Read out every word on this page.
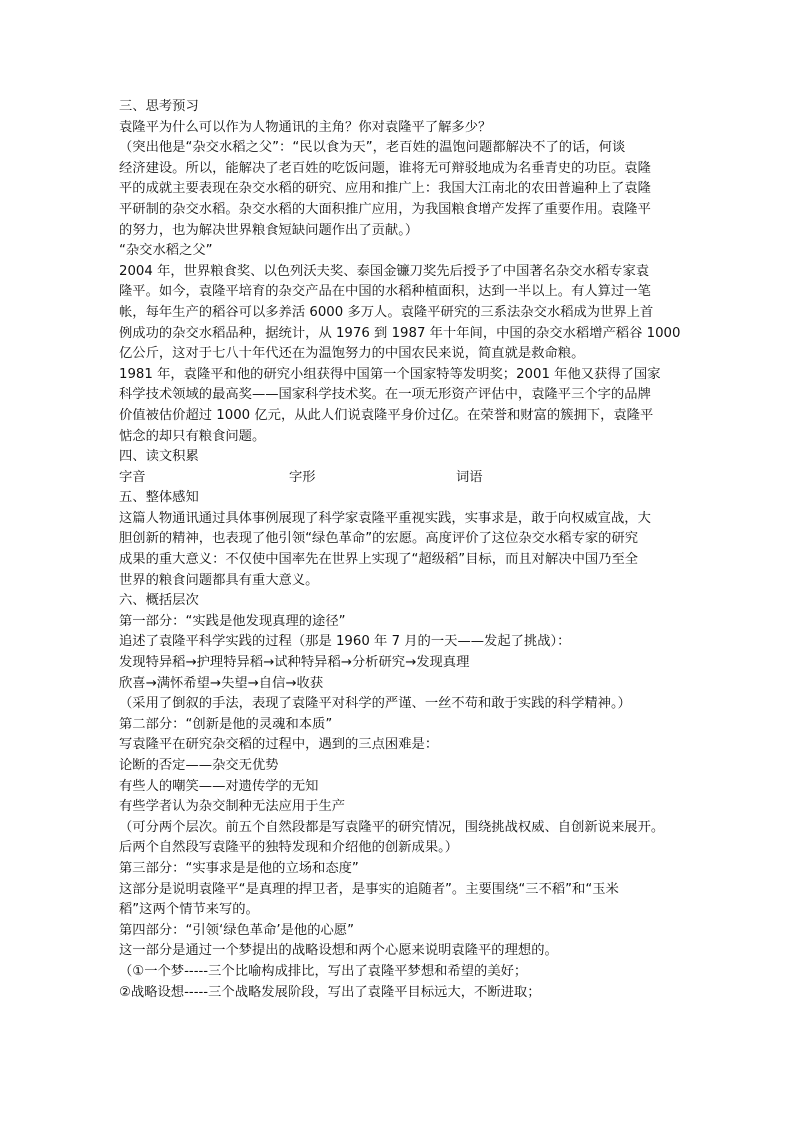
三、思考预习
袁隆平为什么可以作为人物通讯的主角？你对袁隆平了解多少？
（突出他是“杂交水稻之父”：“民以食为天”，老百姓的温饱问题都解决不了的话，何谈
经济建设。所以，能解决了老百姓的吃饭问题，谁将无可辩驳地成为名垂青史的功臣。袁隆
平的成就主要表现在杂交水稻的研究、应用和推广上：我国大江南北的农田普遍种上了袁隆
平研制的杂交水稻。杂交水稻的大面积推广应用，为我国粮食增产发挥了重要作用。袁隆平
的努力，也为解决世界粮食短缺问题作出了贡献。）
“杂交水稻之父”
2004 年，世界粮食奖、以色列沃夫奖、泰国金镰刀奖先后授予了中国著名杂交水稻专家袁
隆平。如今，袁隆平培育的杂交产品在中国的水稻种植面积，达到一半以上。有人算过一笔
帐，每年生产的稻谷可以多养活 6000 多万人。袁隆平研究的三系法杂交水稻成为世界上首
例成功的杂交水稻品种，据统计，从 1976 到 1987 年十年间，中国的杂交水稻增产稻谷 1000
亿公斤，这对于七八十年代还在为温饱努力的中国农民来说，简直就是救命粮。
1981 年，袁隆平和他的研究小组获得中国第一个国家特等发明奖；2001 年他又获得了国家
科学技术领域的最高奖——国家科学技术奖。在一项无形资产评估中，袁隆平三个字的品牌
价值被估价超过 1000 亿元，从此人们说袁隆平身价过亿。在荣誉和财富的簇拥下，袁隆平
惦念的却只有粮食问题。
四、读文积累
字音	字形	词语
五、整体感知
这篇人物通讯通过具体事例展现了科学家袁隆平重视实践，实事求是，敢于向权威宣战，大
胆创新的精神，也表现了他引领“绿色革命”的宏愿。高度评价了这位杂交水稻专家的研究
成果的重大意义：不仅使中国率先在世界上实现了“超级稻”目标，而且对解决中国乃至全
世界的粮食问题都具有重大意义。
六、概括层次
第一部分：“实践是他发现真理的途径”
追述了袁隆平科学实践的过程（那是 1960 年 7 月的一天——发起了挑战）：
发现特异稻→护理特异稻→试种特异稻→分析研究→发现真理
欣喜→满怀希望→失望→自信→收获
（采用了倒叙的手法，表现了袁隆平对科学的严谨、一丝不苟和敢于实践的科学精神。）
第二部分：“创新是他的灵魂和本质”
写袁隆平在研究杂交稻的过程中，遇到的三点困难是：
论断的否定——杂交无优势
有些人的嘲笑——对遗传学的无知
有些学者认为杂交制种无法应用于生产
（可分两个层次。前五个自然段都是写袁隆平的研究情况，围绕挑战权威、自创新说来展开。
后两个自然段写袁隆平的独特发现和介绍他的创新成果。）
第三部分：“实事求是是他的立场和态度”
这部分是说明袁隆平“是真理的捍卫者，是事实的追随者”。主要围绕“三不稻”和“玉米
稻”这两个情节来写的。
第四部分：“引领‘绿色革命’是他的心愿”
这一部分是通过一个梦提出的战略设想和两个心愿来说明袁隆平的理想的。
（①一个梦-----三个比喻构成排比，写出了袁隆平梦想和希望的美好；
②战略设想-----三个战略发展阶段，写出了袁隆平目标远大，不断进取；
